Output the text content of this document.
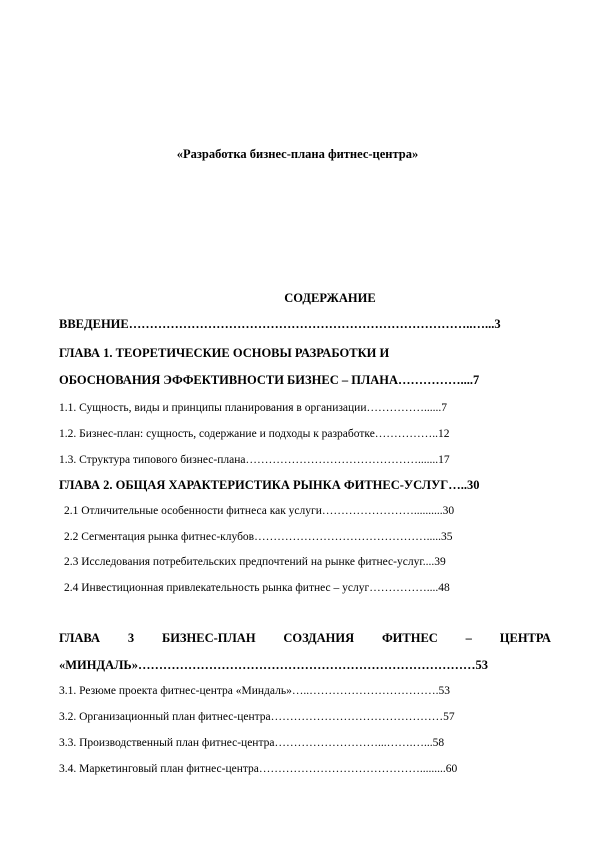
«Разработка бизнес-плана фитнес-центра»
СОДЕРЖАНИЕ
ВВЕДЕНИЕ………………………………………………………………………..…...3
ГЛАВА 1. ТЕОРЕТИЧЕСКИЕ ОСНОВЫ РАЗРАБОТКИ И
ОБОСНОВАНИЯ ЭФФЕКТИВНОСТИ БИЗНЕС – ПЛАНА……………....7
1.1. Сущность, виды и принципы планирования в организации……………......7
1.2. Бизнес-план: сущность, содержание и подходы к разработке……………..12
1.3. Структура типового бизнес-плана……………………………………….......17
ГЛАВА 2. ОБЩАЯ ХАРАКТЕРИСТИКА РЫНКА ФИТНЕС-УСЛУГ…..30
2.1 Отличительные особенности фитнеса как услуги……………………..........30
2.2 Сегментация рынка фитнес-клубов……………………………………….....35
2.3 Исследования потребительских предпочтений на рынке фитнес-услуг....39
2.4 Инвестиционная привлекательность рынка фитнес – услуг……………....48
ГЛАВА 3 БИЗНЕС-ПЛАН СОЗДАНИЯ ФИТНЕС – ЦЕНТРА
«МИНДАЛЬ»………………………………………………………………………53
3.1. Резюме проекта фитнес-центра «Миндаль»…..…………………………….53
3.2. Организационный план фитнес-центра………………………………………57
3.3. Производственный план фитнес-центра………………………...…….…...58
3.4. Маркетинговый план фитнес-центра…………………………………….........60
